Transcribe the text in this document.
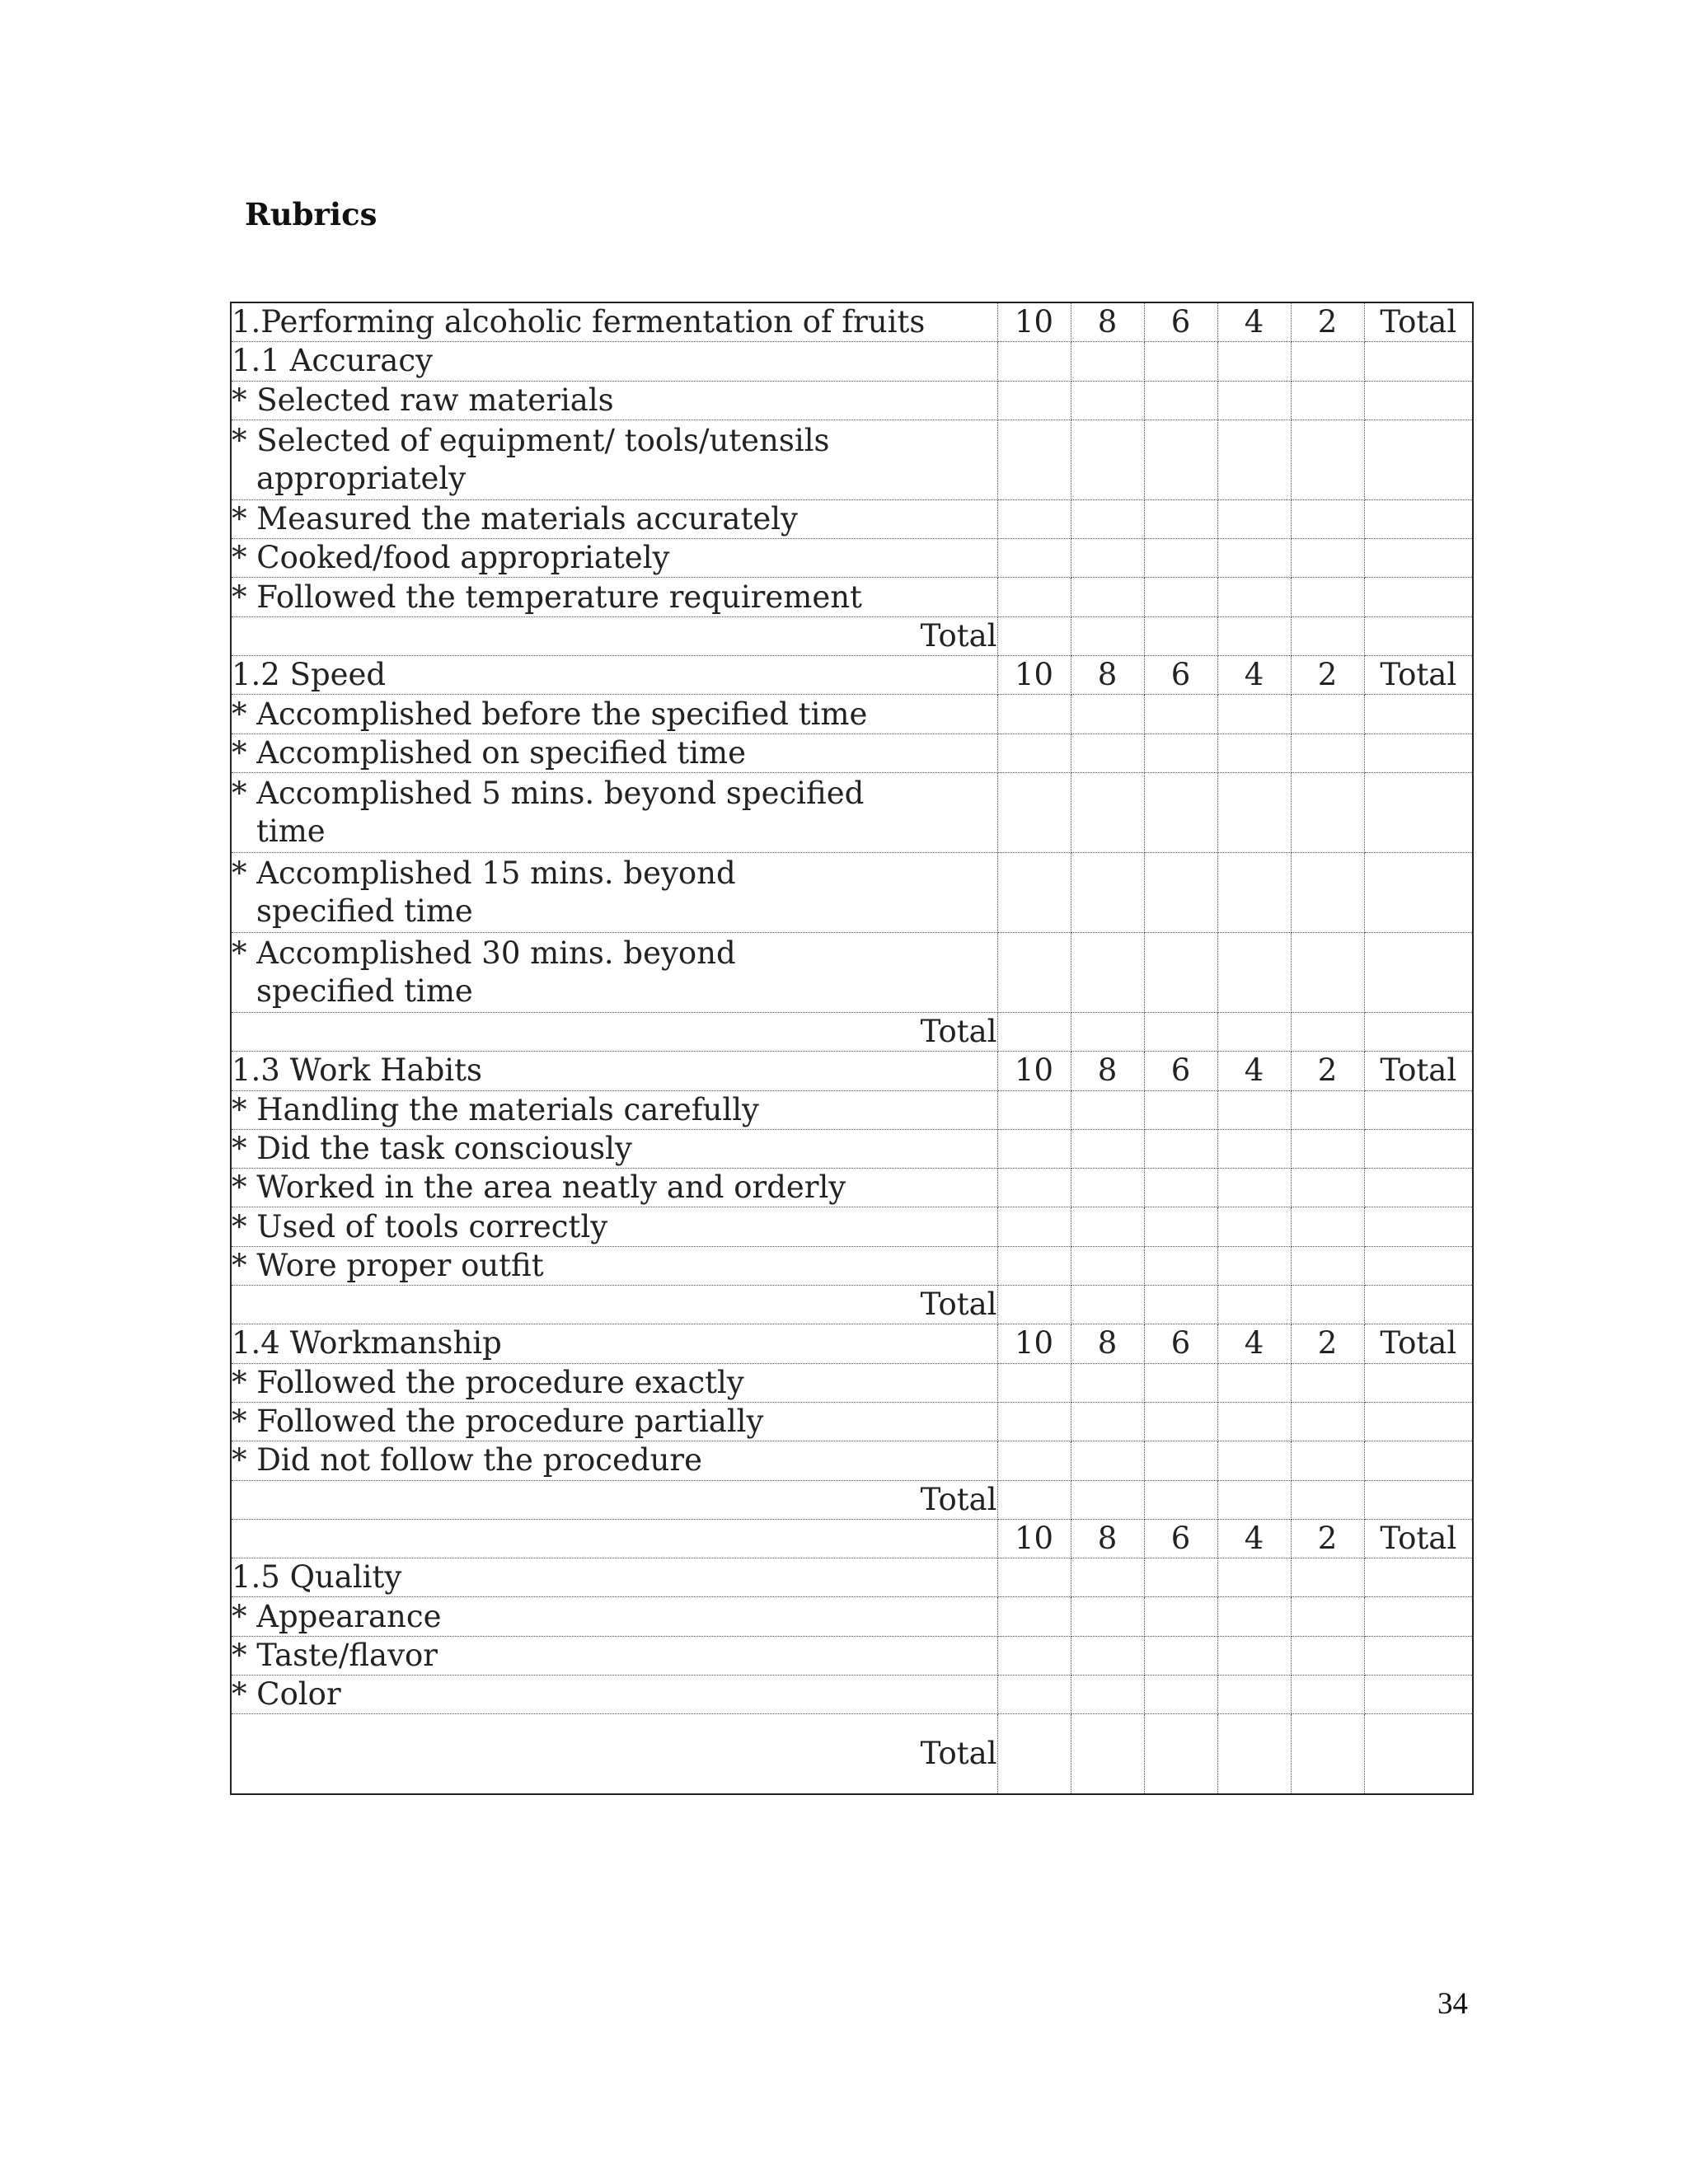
Rubrics
1.Performing alcoholic fermentation of fruits	10	8	6	4	2	Total
1.1 Accuracy						
* Selected raw materials						
* Selected of equipment/ tools/utensils
appropriately						

* Measured the materials accurately						
* Cooked/food appropriately						
* Followed the temperature requirement						
Total						
1.2 Speed	10	8	6	4	2	Total
* Accomplished before the specified time						
* Accomplished on specified time						
* Accomplished 5 mins. beyond specified
time						

* Accomplished 15 mins. beyond
specified time						

* Accomplished 30 mins. beyond
specified time						

Total						
1.3 Work Habits	10	8	6	4	2	Total
* Handling the materials carefully						
* Did the task consciously						
* Worked in the area neatly and orderly						
* Used of tools correctly						
* Wore proper outfit						
Total						
1.4 Workmanship	10	8	6	4	2	Total
* Followed the procedure exactly						
* Followed the procedure partially						
* Did not follow the procedure						
Total						
	10	8	6	4	2	Total
1.5 Quality						
* Appearance						
* Taste/flavor						
* Color						
Total						
34
